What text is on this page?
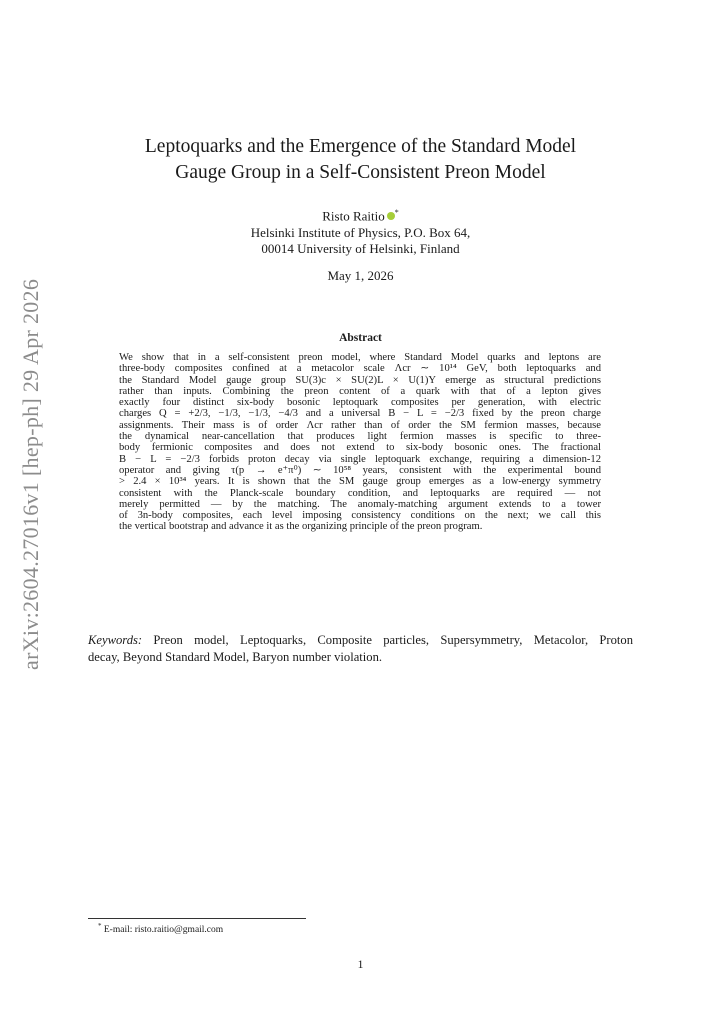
arXiv:2604.27016v1 [hep-ph] 29 Apr 2026
Leptoquarks and the Emergence of the Standard Model
Gauge Group in a Self-Consistent Preon Model
Risto Raitio *
Helsinki Institute of Physics, P.O. Box 64,
00014 University of Helsinki, Finland
May 1, 2026
Abstract
We show that in a self-consistent preon model, where Standard Model quarks and leptons are
three-body composites confined at a metacolor scale Λcr ∼ 10¹⁴ GeV, both leptoquarks and
the Standard Model gauge group SU(3)c × SU(2)L × U(1)Y emerge as structural predictions
rather than inputs. Combining the preon content of a quark with that of a lepton gives
exactly four distinct six-body bosonic leptoquark composites per generation, with electric
charges Q = +2/3, −1/3, −1/3, −4/3 and a universal B − L = −2/3 fixed by the preon charge
assignments. Their mass is of order Λcr rather than of order the SM fermion masses, because
the dynamical near-cancellation that produces light fermion masses is specific to three-
body fermionic composites and does not extend to six-body bosonic ones. The fractional
B − L = −2/3 forbids proton decay via single leptoquark exchange, requiring a dimension-12
operator and giving τ(p → e⁺π⁰) ∼ 10⁵⁸ years, consistent with the experimental bound
> 2.4 × 10³⁴ years. It is shown that the SM gauge group emerges as a low-energy symmetry
consistent with the Planck-scale boundary condition, and leptoquarks are required — not
merely permitted — by the matching. The anomaly-matching argument extends to a tower
of 3n-body composites, each level imposing consistency conditions on the next; we call this
the vertical bootstrap and advance it as the organizing principle of the preon program.
Keywords: Preon model, Leptoquarks, Composite particles, Supersymmetry, Metacolor, Proton
decay, Beyond Standard Model, Baryon number violation.
* E-mail: risto.raitio@gmail.com
1
